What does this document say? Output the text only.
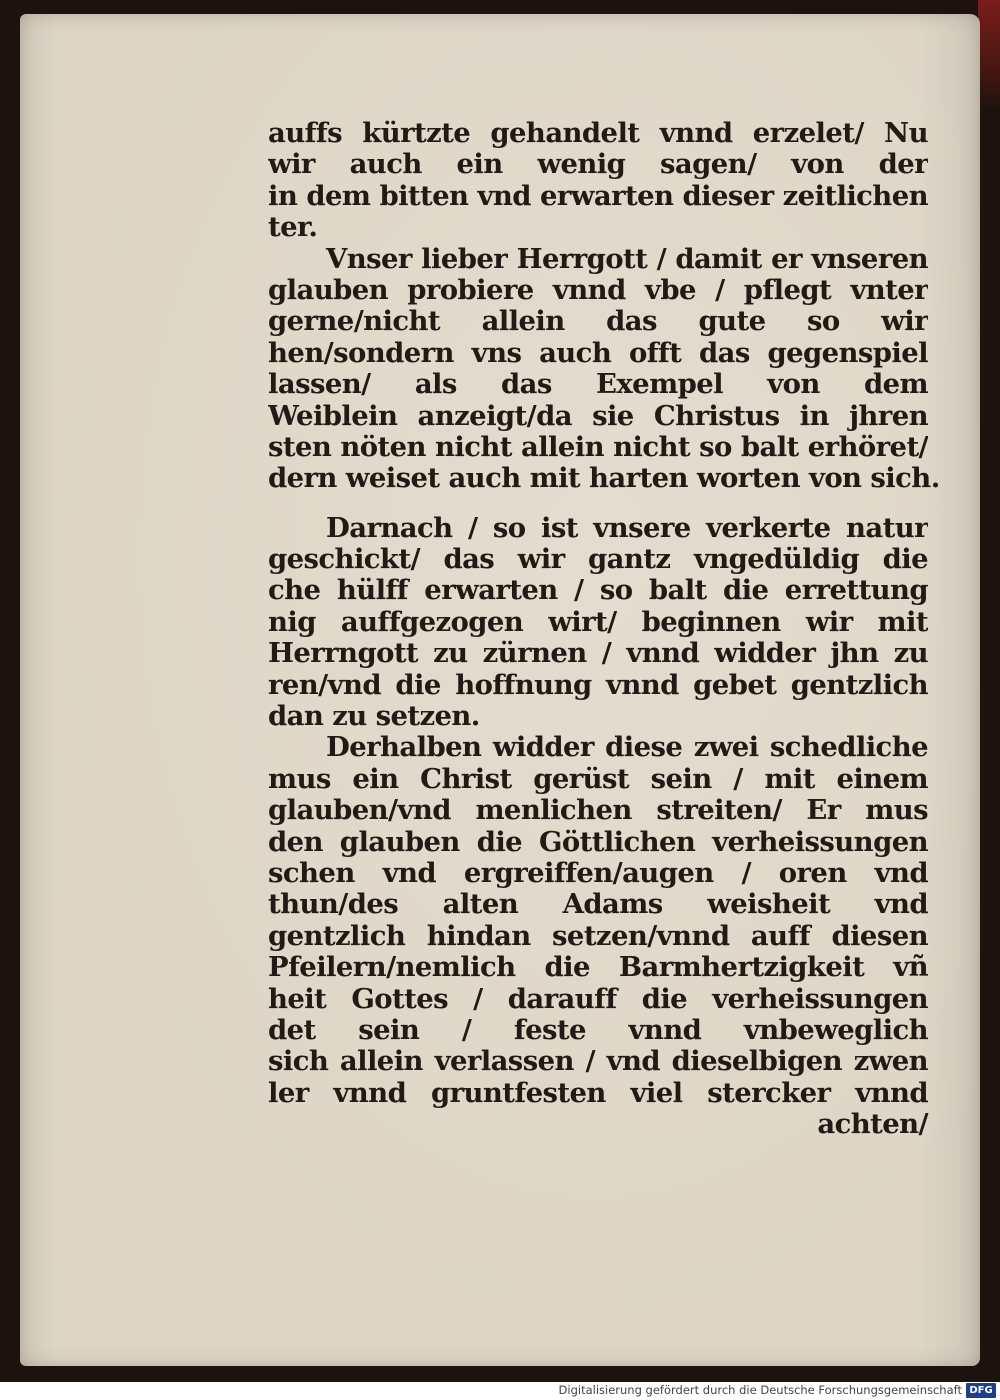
auffs kürtzte gehandelt vnnd erzelet/ Nu
wir auch ein wenig sagen/ von der
in dem bitten vnd erwarten dieser zeitlichen
ter.
Vnser lieber Herrgott / damit er vnseren
glauben probiere vnnd vbe / pflegt vnter
gerne/nicht allein das gute so wir
hen/sondern vns auch offt das gegenspiel
lassen/ als das Exempel von dem
Weiblein anzeigt/da sie Christus in jhren
sten nöten nicht allein nicht so balt erhöret/
dern weiset auch mit harten worten von sich.
Darnach / so ist vnsere verkerte natur
geschickt/ das wir gantz vngedüldig die
che hülff erwarten / so balt die errettung
nig auffgezogen wirt/ beginnen wir mit
Herrngott zu zürnen / vnnd widder jhn zu
ren/vnd die hoffnung vnnd gebet gentzlich
dan zu setzen.
Derhalben widder diese zwei schedliche
mus ein Christ gerüst sein / mit einem
glauben/vnd menlichen streiten/ Er mus
den glauben die Göttlichen verheissungen
schen vnd ergreiffen/augen / oren vnd
thun/des alten Adams weisheit vnd
gentzlich hindan setzen/vnnd auff diesen
Pfeilern/nemlich die Barmhertzigkeit vñ
heit Gottes / darauff die verheissungen
det sein / feste vnnd vnbeweglich
sich allein verlassen / vnd dieselbigen zwen
ler vnnd gruntfesten viel stercker vnnd
achten/
Digitalisierung gefördert durch die Deutsche Forschungsgemeinschaft DFG
